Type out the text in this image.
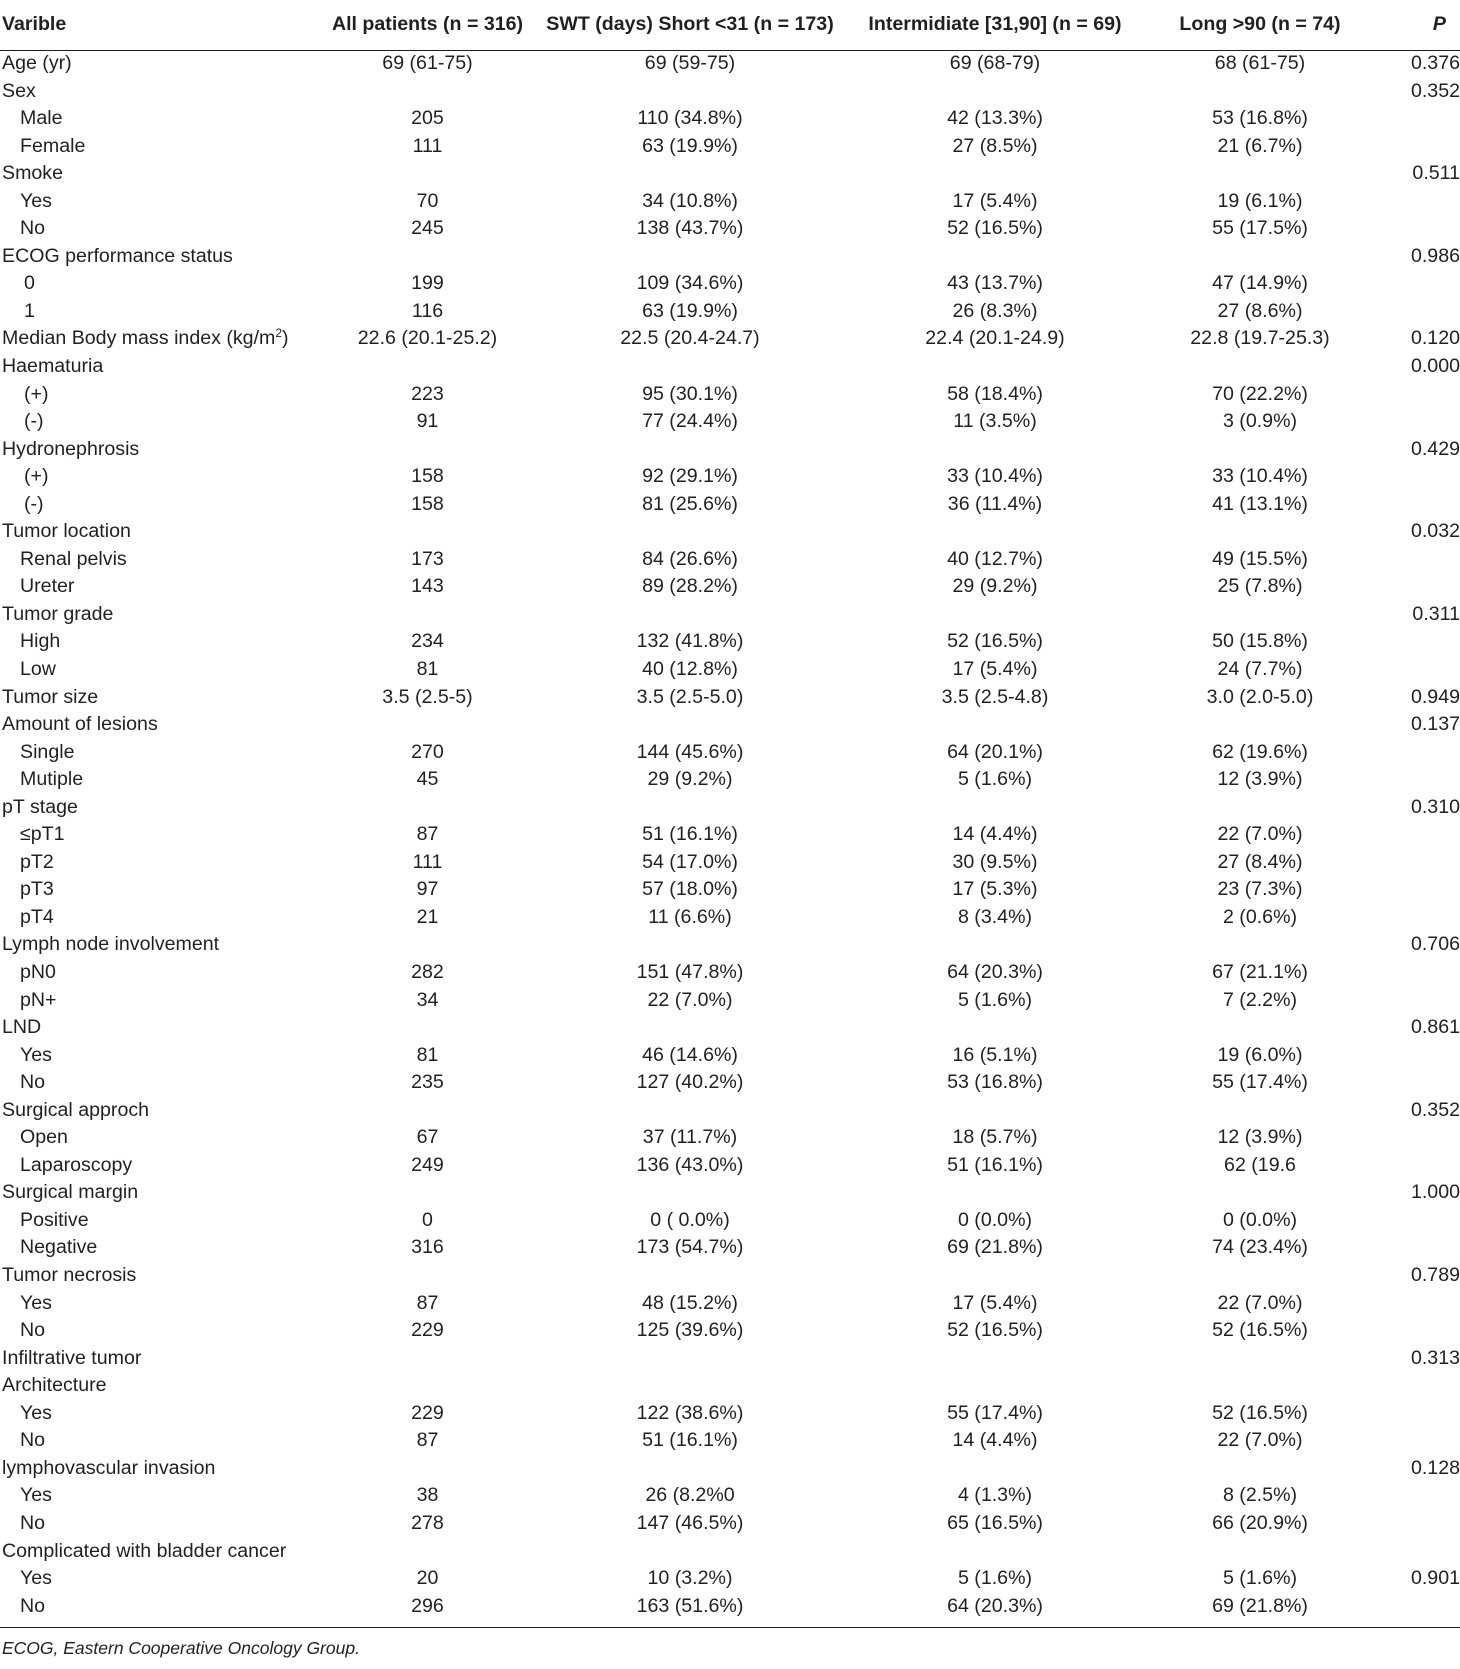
Varible	All patients (n = 316)	SWT (days) Short <31 (n = 173)	Intermidiate [31,90] (n = 69)	Long >90 (n = 74)	P
Age (yr)	69 (61-75)	69 (59-75)	69 (68-79)	68 (61-75)	0.376
Sex					0.352
Male	205	110 (34.8%)	42 (13.3%)	53 (16.8%)	
Female	111	63 (19.9%)	27 (8.5%)	21 (6.7%)	
Smoke					0.511
Yes	70	34 (10.8%)	17 (5.4%)	19 (6.1%)	
No	245	138 (43.7%)	52 (16.5%)	55 (17.5%)	
ECOG performance status					0.986
0	199	109 (34.6%)	43 (13.7%)	47 (14.9%)	
1	116	63 (19.9%)	26 (8.3%)	27 (8.6%)	
Median Body mass index $(kg/m^2)$	22.6 (20.1-25.2)	22.5 (20.4-24.7)	22.4 (20.1-24.9)	22.8 (19.7-25.3)	0.120
Haematuria					0.000
(+)	223	95 (30.1%)	58 (18.4%)	70 (22.2%)	
(-)	91	77 (24.4%)	11 (3.5%)	3 (0.9%)	
Hydronephrosis					0.429
(+)	158	92 (29.1%)	33 (10.4%)	33 (10.4%)	
(-)	158	81 (25.6%)	36 (11.4%)	41 (13.1%)	
Tumor location					0.032
Renal pelvis	173	84 (26.6%)	40 (12.7%)	49 (15.5%)	
Ureter	143	89 (28.2%)	29 (9.2%)	25 (7.8%)	
Tumor grade					0.311
High	234	132 (41.8%)	52 (16.5%)	50 (15.8%)	
Low	81	40 (12.8%)	17 (5.4%)	24 (7.7%)	
Tumor size	3.5 (2.5-5)	3.5 (2.5-5.0)	3.5 (2.5-4.8)	3.0 (2.0-5.0)	0.949
Amount of lesions					0.137
Single	270	144 (45.6%)	64 (20.1%)	62 (19.6%)	
Mutiple	45	29 (9.2%)	5 (1.6%)	12 (3.9%)	
pT stage					0.310
≤pT1	87	51 (16.1%)	14 (4.4%)	22 (7.0%)	
pT2	111	54 (17.0%)	30 (9.5%)	27 (8.4%)	
pT3	97	57 (18.0%)	17 (5.3%)	23 (7.3%)	
pT4	21	11 (6.6%)	8 (3.4%)	2 (0.6%)	
Lymph node involvement					0.706
pN0	282	151 (47.8%)	64 (20.3%)	67 (21.1%)	
pN+	34	22 (7.0%)	5 (1.6%)	7 (2.2%)	
LND					0.861
Yes	81	46 (14.6%)	16 (5.1%)	19 (6.0%)	
No	235	127 (40.2%)	53 (16.8%)	55 (17.4%)	
Surgical approch					0.352
Open	67	37 (11.7%)	18 (5.7%)	12 (3.9%)	
Laparoscopy	249	136 (43.0%)	51 (16.1%)	62 (19.6	
Surgical margin					1.000
Positive	0	0 ( 0.0%)	0 (0.0%)	0 (0.0%)	
Negative	316	173 (54.7%)	69 (21.8%)	74 (23.4%)	
Tumor necrosis					0.789
Yes	87	48 (15.2%)	17 (5.4%)	22 (7.0%)	
No	229	125 (39.6%)	52 (16.5%)	52 (16.5%)	
Infiltrative tumor					0.313
Architecture					
Yes	229	122 (38.6%)	55 (17.4%)	52 (16.5%)	
No	87	51 (16.1%)	14 (4.4%)	22 (7.0%)	
lymphovascular invasion					0.128
Yes	38	26 (8.2%0	4 (1.3%)	8 (2.5%)	
No	278	147 (46.5%)	65 (16.5%)	66 (20.9%)	
Complicated with bladder cancer					
Yes	20	10 (3.2%)	5 (1.6%)	5 (1.6%)	0.901
No	296	163 (51.6%)	64 (20.3%)	69 (21.8%)	
ECOG, Eastern Cooperative Oncology Group.
